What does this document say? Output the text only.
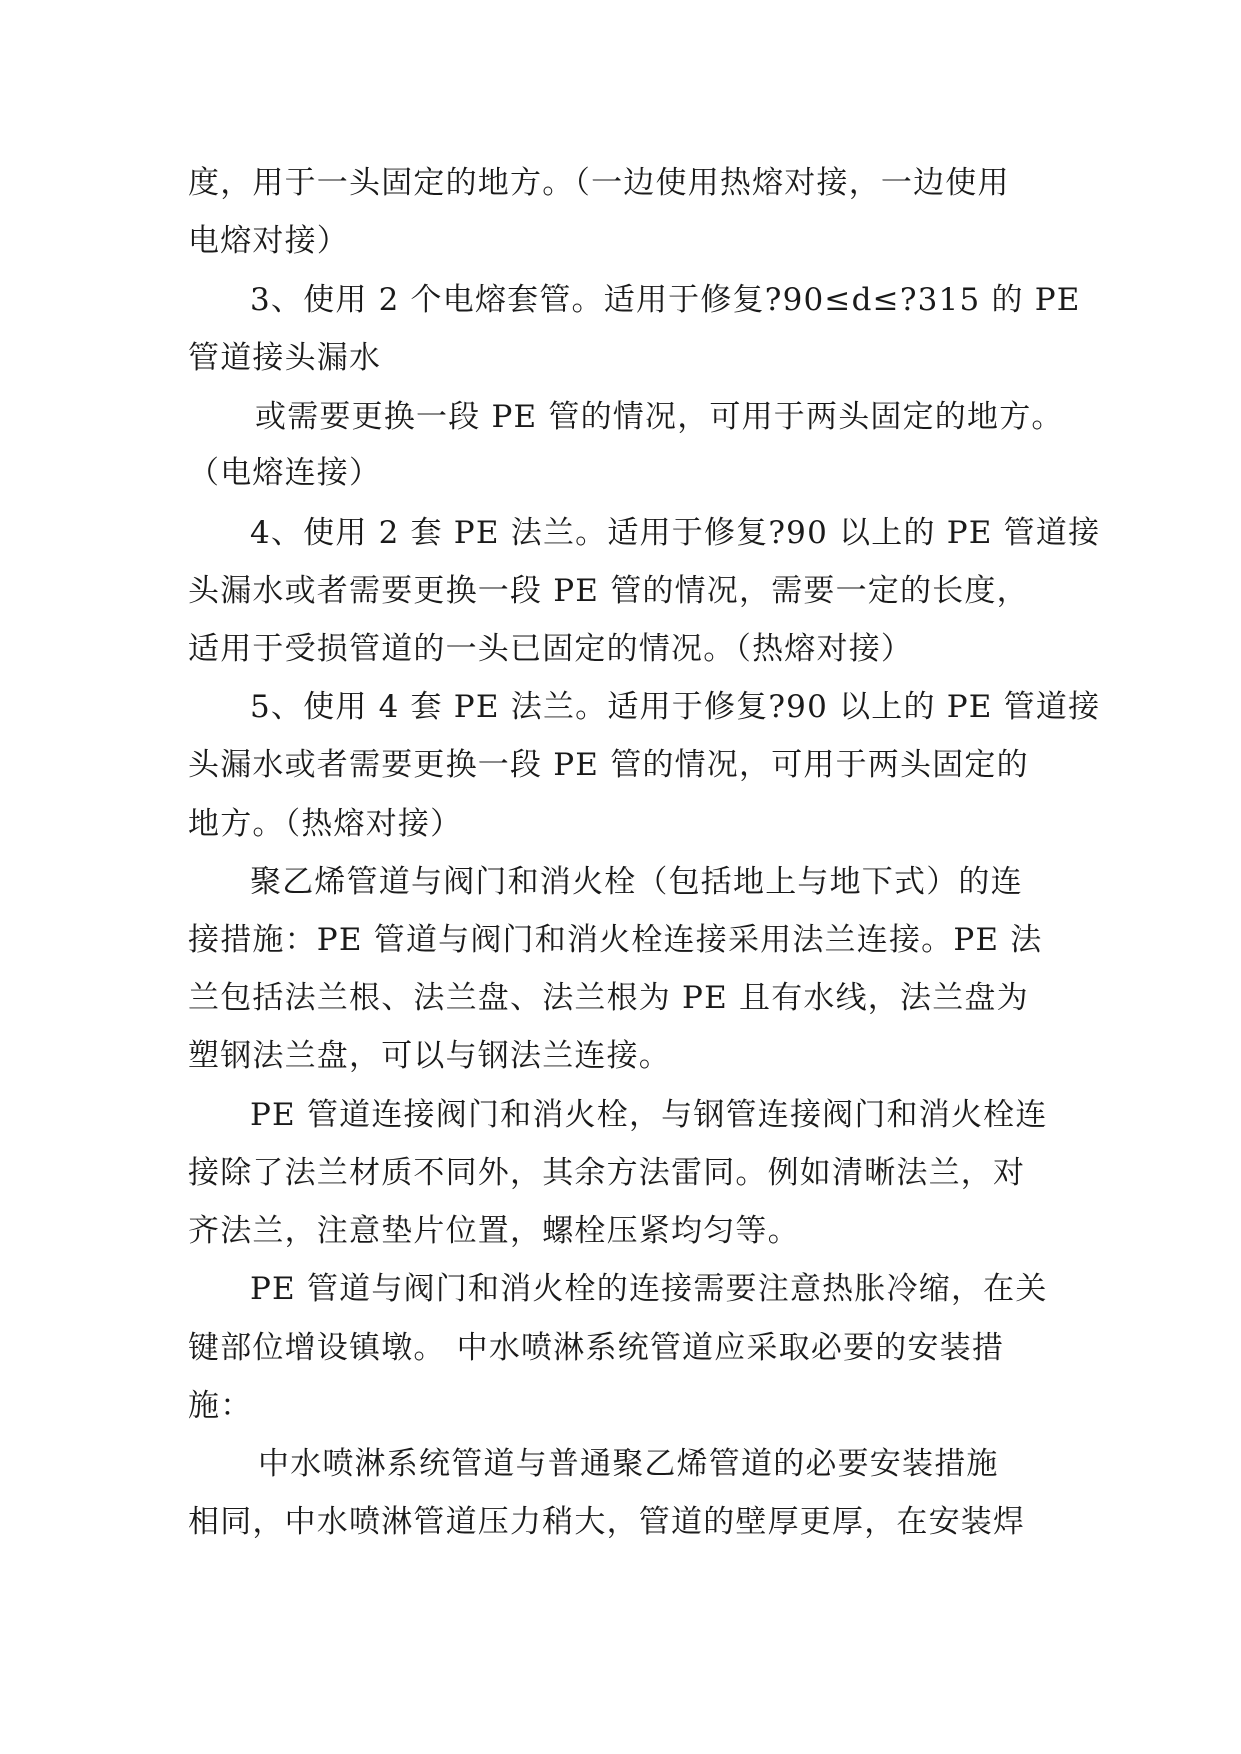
度，用于一头固定的地方。（一边使用热熔对接，一边使用
电熔对接）
3、使用 2 个电熔套管。适用于修复?90≤d≤?315 的 PE
管道接头漏水
或需要更换一段 PE 管的情况，可用于两头固定的地方。
（电熔连接）
4、使用 2 套 PE 法兰。适用于修复?90 以上的 PE 管道接
头漏水或者需要更换一段 PE 管的情况，需要一定的长度，
适用于受损管道的一头已固定的情况。（热熔对接）
5、使用 4 套 PE 法兰。适用于修复?90 以上的 PE 管道接
头漏水或者需要更换一段 PE 管的情况，可用于两头固定的
地方。（热熔对接）
聚乙烯管道与阀门和消火栓（包括地上与地下式）的连
接措施：PE 管道与阀门和消火栓连接采用法兰连接。PE 法
兰包括法兰根、法兰盘、法兰根为 PE 且有水线，法兰盘为
塑钢法兰盘，可以与钢法兰连接。
PE 管道连接阀门和消火栓，与钢管连接阀门和消火栓连
接除了法兰材质不同外，其余方法雷同。例如清晰法兰，对
齐法兰，注意垫片位置，螺栓压紧均匀等。
PE 管道与阀门和消火栓的连接需要注意热胀冷缩，在关
键部位增设镇墩。 中水喷淋系统管道应采取必要的安装措
施：
中水喷淋系统管道与普通聚乙烯管道的必要安装措施
相同，中水喷淋管道压力稍大，管道的壁厚更厚，在安装焊
